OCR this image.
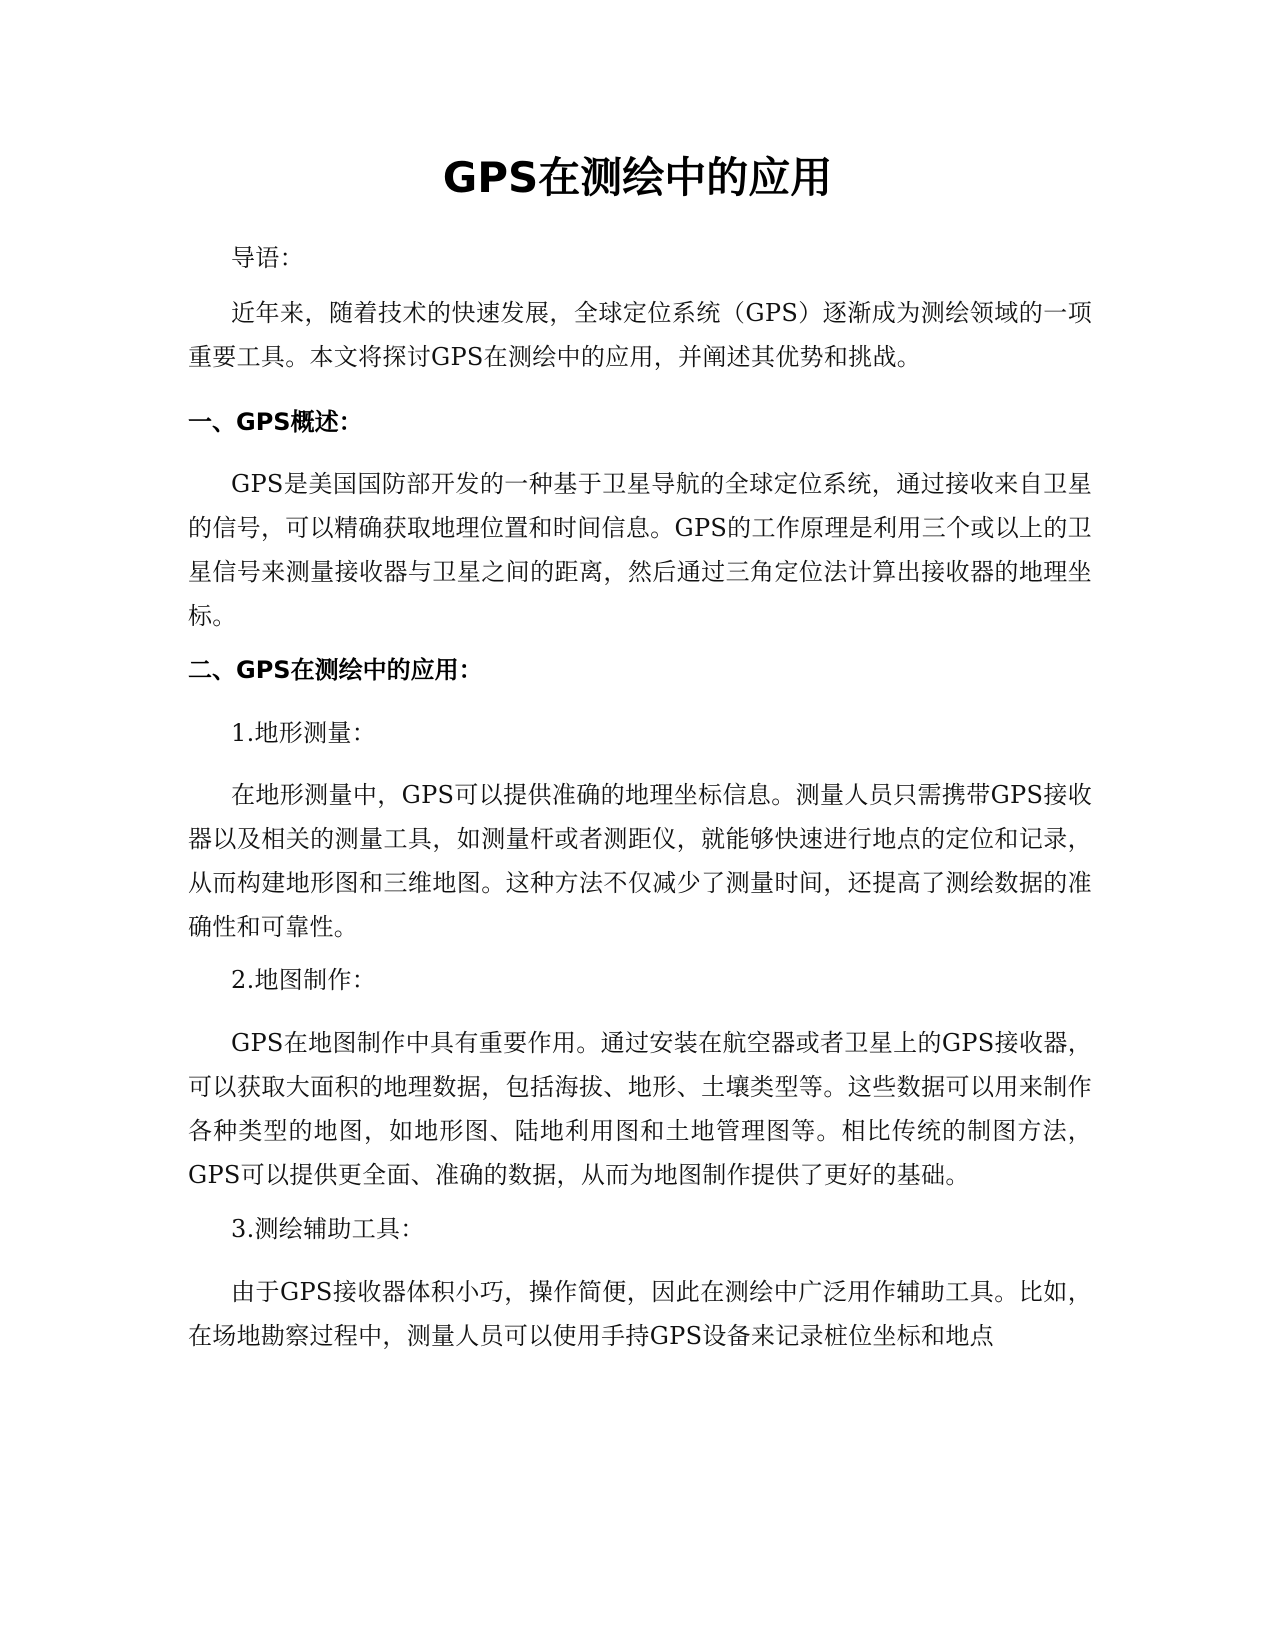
GPS在测绘中的应用

导语：

近年来，随着技术的快速发展，全球定位系统（GPS）逐渐成为测绘领域的一项重要工具。本文将探讨GPS在测绘中的应用，并阐述其优势和挑战。

一、GPS概述：

GPS是美国国防部开发的一种基于卫星导航的全球定位系统，通过接收来自卫星的信号，可以精确获取地理位置和时间信息。GPS的工作原理是利用三个或以上的卫星信号来测量接收器与卫星之间的距离，然后通过三角定位法计算出接收器的地理坐标。

二、GPS在测绘中的应用：

1.地形测量：

在地形测量中，GPS可以提供准确的地理坐标信息。测量人员只需携带GPS接收器以及相关的测量工具，如测量杆或者测距仪，就能够快速进行地点的定位和记录，从而构建地形图和三维地图。这种方法不仅减少了测量时间，还提高了测绘数据的准确性和可靠性。

2.地图制作：

GPS在地图制作中具有重要作用。通过安装在航空器或者卫星上的GPS接收器，可以获取大面积的地理数据，包括海拔、地形、土壤类型等。这些数据可以用来制作各种类型的地图，如地形图、陆地利用图和土地管理图等。相比传统的制图方法，GPS可以提供更全面、准确的数据，从而为地图制作提供了更好的基础。

3.测绘辅助工具：

由于GPS接收器体积小巧，操作简便，因此在测绘中广泛用作辅助工具。比如，在场地勘察过程中，测量人员可以使用手持GPS设备来记录桩位坐标和地点
